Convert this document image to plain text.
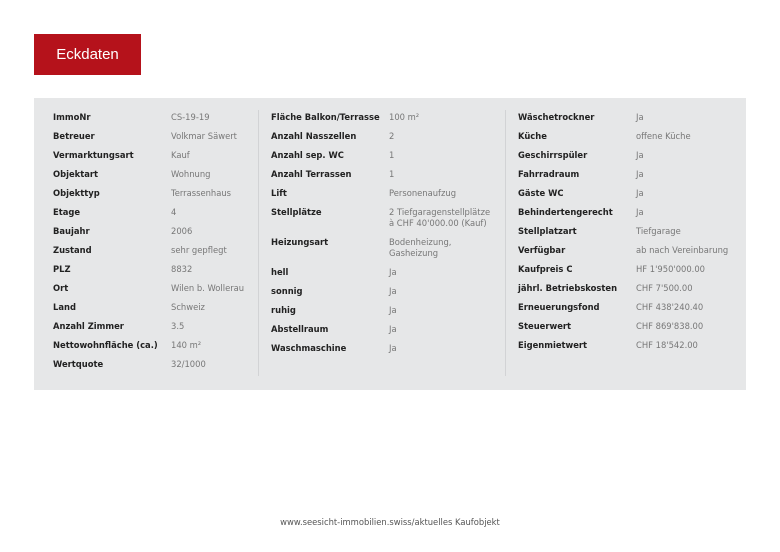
Eckdaten
ImmoNr	CS-19-19
Betreuer	Volkmar Säwert
Vermarktungsart	Kauf
Objektart	Wohnung
Objekttyp	Terrassenhaus
Etage	4
Baujahr	2006
Zustand	sehr gepflegt
PLZ	8832
Ort	Wilen b. Wollerau
Land	Schweiz
Anzahl Zimmer	3.5
Nettowohnfläche (ca.)	140 m²
Wertquote	32/1000
Fläche Balkon/Terrasse	100 m²
Anzahl Nasszellen	2
Anzahl sep. WC	1
Anzahl Terrassen	1
Lift	Personenaufzug
Stellplätze	2 Tiefgaragenstellplätze
à CHF 40'000.00 (Kauf)
Heizungsart	Bodenheizung,
Gasheizung
hell	Ja
sonnig	Ja
ruhig	Ja
Abstellraum	Ja
Waschmaschine	Ja
Wäschetrockner	Ja
Küche	offene Küche
Geschirrspüler	Ja
Fahrradraum	Ja
Gäste WC	Ja
Behindertengerecht	Ja
Stellplatzart	Tiefgarage
Verfügbar	ab nach Vereinbarung
Kaufpreis C	HF 1'950'000.00
jährl. Betriebskosten	CHF 7'500.00
Erneuerungsfond	CHF 438'240.40
Steuerwert	CHF 869'838.00
Eigenmietwert	CHF 18'542.00
www.seesicht-immobilien.swiss/aktuelles Kaufobjekt
